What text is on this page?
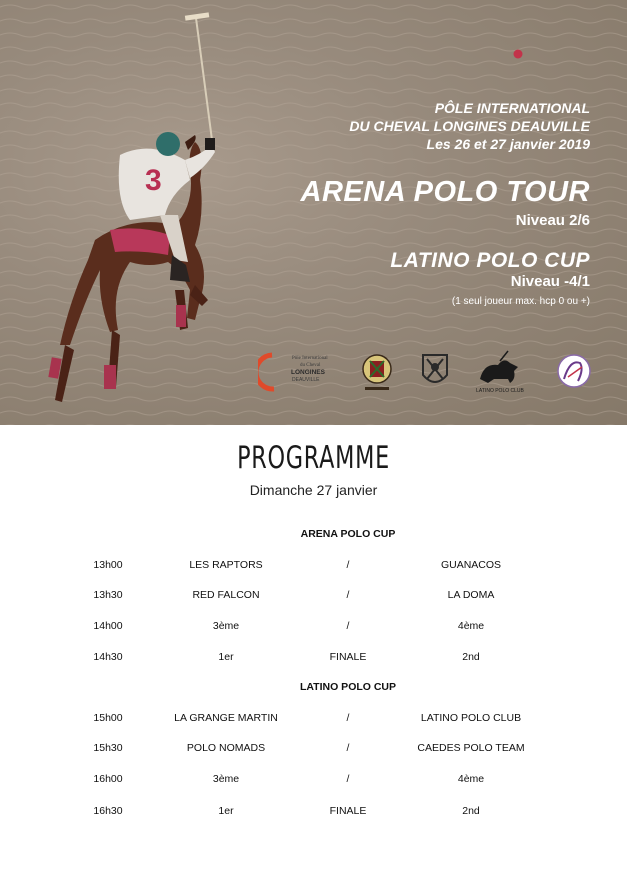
3
PÔLE INTERNATIONAL
DU CHEVAL LONGINES DEAUVILLE
Les 26 et 27 janvier 2019
ARENA POLO TOUR
Niveau 2/6
LATINO POLO CUP
Niveau -4/1
(1 seul joueur max. hcp 0 ou +)
Pôle International
du Cheval
LONGINES
DEAUVILLE
LATINO POLO CLUB
PROGRAMME
Dimanche 27 janvier
ARENA POLO CUP
13h00	LES RAPTORS	/	GUANACOS
13h30	RED FALCON	/	LA DOMA
14h00	3ème	/	4ème
14h30	1er	FINALE	2nd
LATINO POLO CUP
15h00	LA GRANGE MARTIN	/	LATINO POLO CLUB
15h30	POLO NOMADS	/	CAEDES POLO TEAM
16h00	3ème	/	4ème
16h30	1er	FINALE	2nd
